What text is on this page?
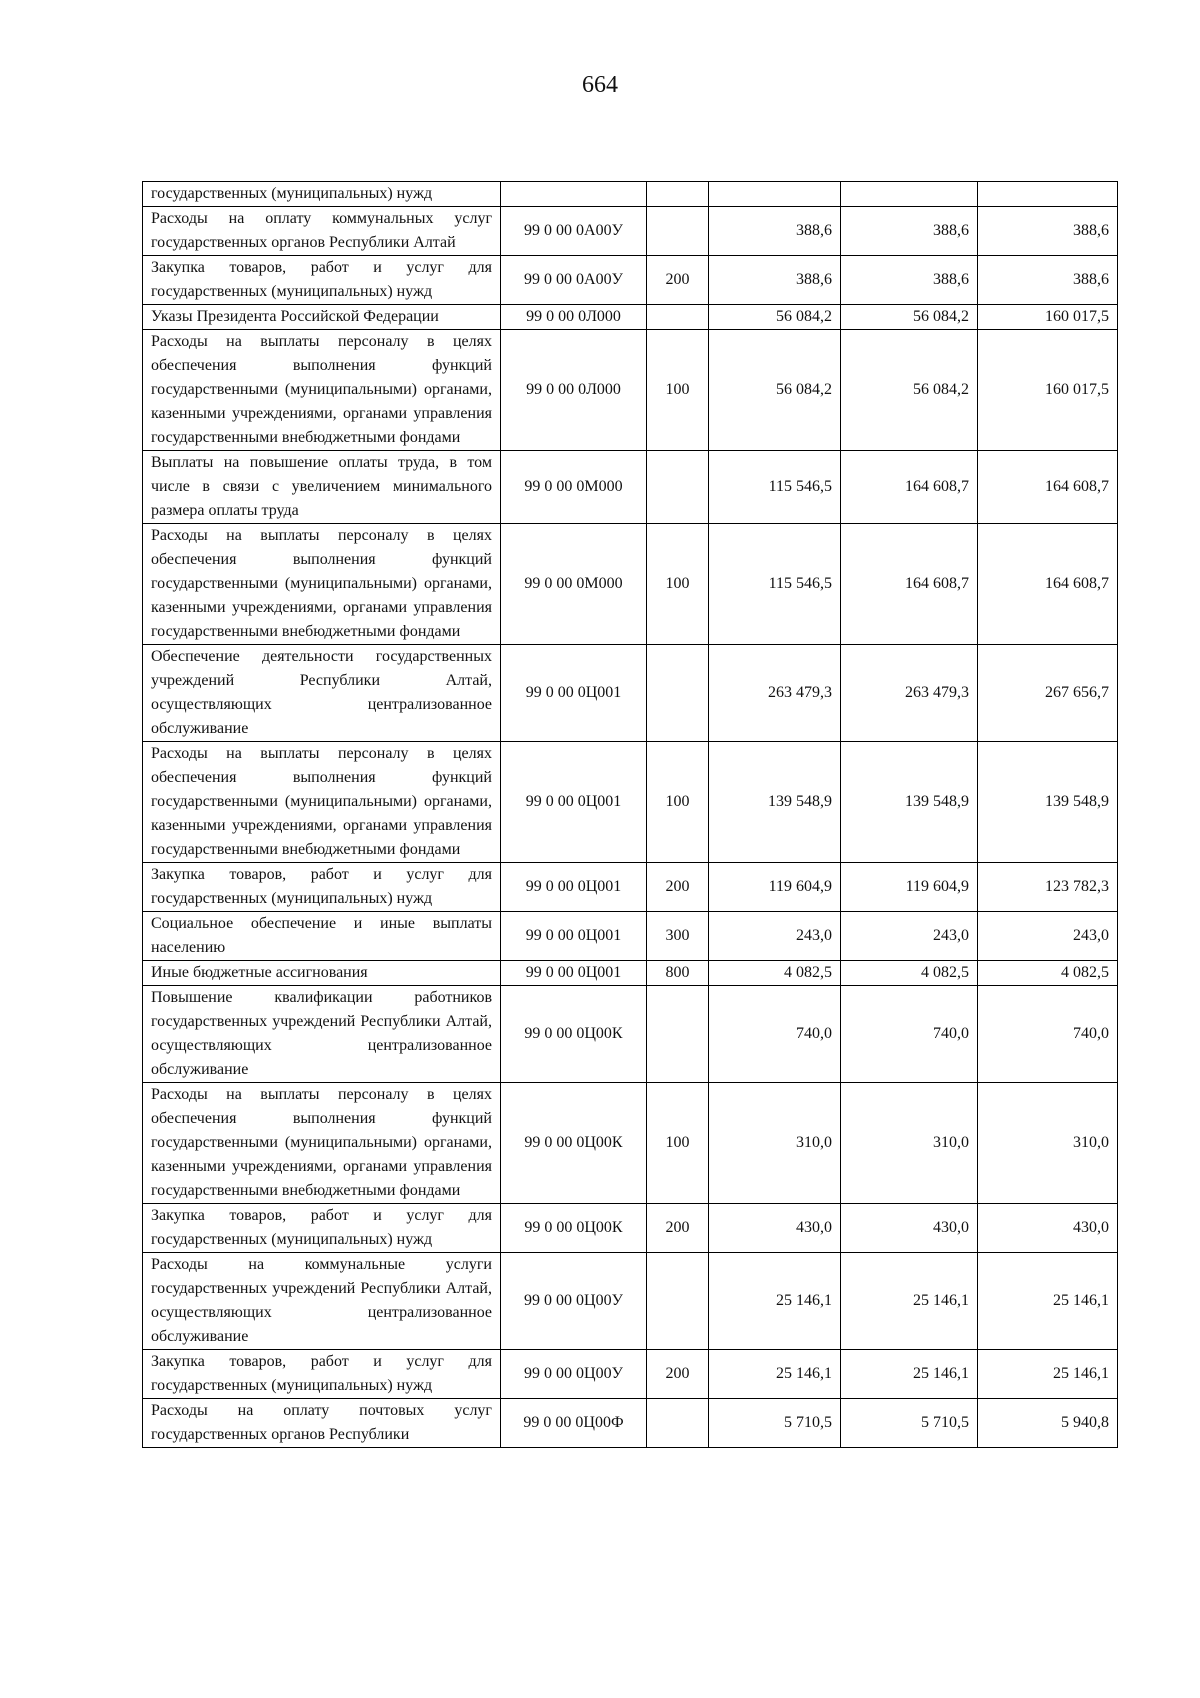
664
государственных (муниципальных) нужд					
Расходы на оплату коммунальных услуг государственных органов Республики Алтай	99 0 00 0А00У		388,6	388,6	388,6
Закупка товаров, работ и услуг для государственных (муниципальных) нужд	99 0 00 0А00У	200	388,6	388,6	388,6
Указы Президента Российской Федерации	99 0 00 0Л000		56 084,2	56 084,2	160 017,5
Расходы на выплаты персоналу в целях обеспечения выполнения функций государственными (муниципальными) органами, казенными учреждениями, органами управления государственными внебюджетными фондами	99 0 00 0Л000	100	56 084,2	56 084,2	160 017,5
Выплаты на повышение оплаты труда, в том числе в связи с увеличением минимального размера оплаты труда	99 0 00 0М000		115 546,5	164 608,7	164 608,7
Расходы на выплаты персоналу в целях обеспечения выполнения функций государственными (муниципальными) органами, казенными учреждениями, органами управления государственными внебюджетными фондами	99 0 00 0М000	100	115 546,5	164 608,7	164 608,7
Обеспечение деятельности государственных учреждений Республики Алтай, осуществляющих централизованное обслуживание	99 0 00 0Ц001		263 479,3	263 479,3	267 656,7
Расходы на выплаты персоналу в целях обеспечения выполнения функций государственными (муниципальными) органами, казенными учреждениями, органами управления государственными внебюджетными фондами	99 0 00 0Ц001	100	139 548,9	139 548,9	139 548,9
Закупка товаров, работ и услуг для государственных (муниципальных) нужд	99 0 00 0Ц001	200	119 604,9	119 604,9	123 782,3
Социальное обеспечение и иные выплаты населению	99 0 00 0Ц001	300	243,0	243,0	243,0
Иные бюджетные ассигнования	99 0 00 0Ц001	800	4 082,5	4 082,5	4 082,5
Повышение квалификации работников государственных учреждений Республики Алтай, осуществляющих централизованное обслуживание	99 0 00 0Ц00К		740,0	740,0	740,0
Расходы на выплаты персоналу в целях обеспечения выполнения функций государственными (муниципальными) органами, казенными учреждениями, органами управления государственными внебюджетными фондами	99 0 00 0Ц00К	100	310,0	310,0	310,0
Закупка товаров, работ и услуг для государственных (муниципальных) нужд	99 0 00 0Ц00К	200	430,0	430,0	430,0
Расходы на коммунальные услуги государственных учреждений Республики Алтай, осуществляющих централизованное обслуживание	99 0 00 0Ц00У		25 146,1	25 146,1	25 146,1
Закупка товаров, работ и услуг для государственных (муниципальных) нужд	99 0 00 0Ц00У	200	25 146,1	25 146,1	25 146,1
Расходы на оплату почтовых услуг государственных органов Республики	99 0 00 0Ц00Ф		5 710,5	5 710,5	5 940,8
